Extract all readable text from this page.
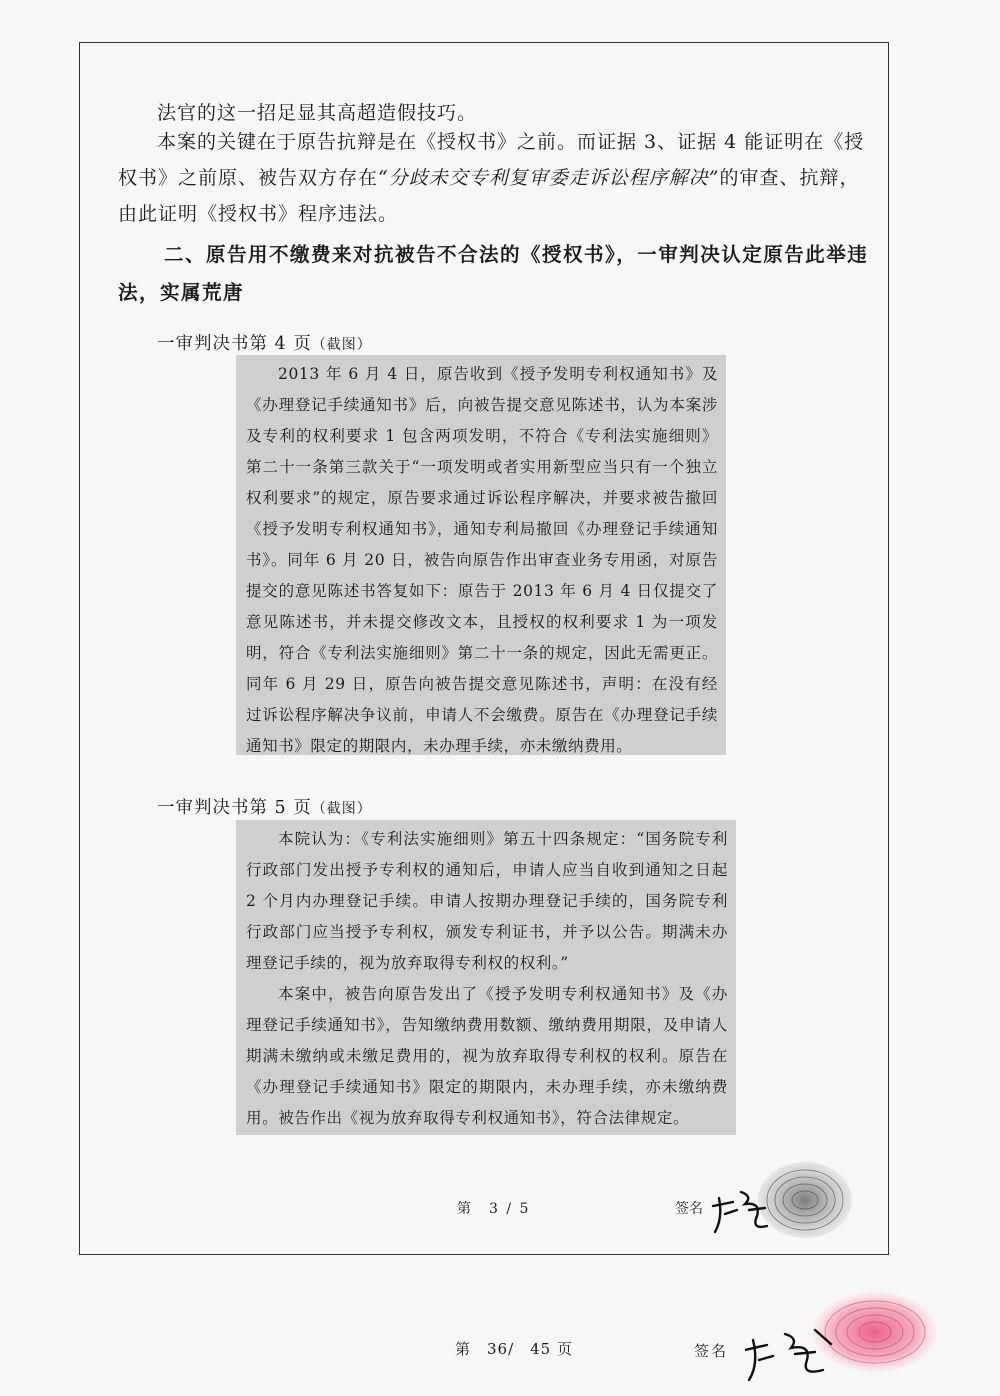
法官的这一招足显其高超造假技巧。
本案的关键在于原告抗辩是在《授权书》之前。而证据 3、证据 4 能证明在《授权书》之前原、被告双方存在“分歧未交专利复审委走诉讼程序解决”的审查、抗辩，由此证明《授权书》程序违法。
二、原告用不缴费来对抗被告不合法的《授权书》，一审判决认定原告此举违法，实属荒唐
一审判决书第 4 页（截图）

2013 年 6 月 4 日，原告收到《授予发明专利权通知书》及《办理登记手续通知书》后，向被告提交意见陈述书，认为本案涉及专利的权利要求 1 包含两项发明，不符合《专利法实施细则》第二十一条第三款关于“一项发明或者实用新型应当只有一个独立权利要求”的规定，原告要求通过诉讼程序解决，并要求被告撤回《授予发明专利权通知书》，通知专利局撤回《办理登记手续通知书》。同年 6 月 20 日，被告向原告作出审查业务专用函，对原告提交的意见陈述书答复如下：原告于 2013 年 6 月 4 日仅提交了意见陈述书，并未提交修改文本，且授权的权利要求 1 为一项发明，符合《专利法实施细则》第二十一条的规定，因此无需更正。同年 6 月 29 日，原告向被告提交意见陈述书，声明：在没有经过诉讼程序解决争议前，申请人不会缴费。原告在《办理登记手续通知书》限定的期限内，未办理手续，亦未缴纳费用。

一审判决书第 5 页（截图）

本院认为：《专利法实施细则》第五十四条规定：“国务院专利行政部门发出授予专利权的通知后，申请人应当自收到通知之日起 2 个月内办理登记手续。申请人按期办理登记手续的，国务院专利行政部门应当授予专利权，颁发专利证书，并予以公告。期满未办理登记手续的，视为放弃取得专利权的权利。”

本案中，被告向原告发出了《授予发明专利权通知书》及《办理登记手续通知书》，告知缴纳费用数额、缴纳费用期限，及申请人期满未缴纳或未缴足费用的，视为放弃取得专利权的权利。原告在《办理登记手续通知书》限定的期限内，未办理手续，亦未缴纳费用。被告作出《视为放弃取得专利权通知书》，符合法律规定。

第　3 / 5	签名
第　36/　45 页	签名
